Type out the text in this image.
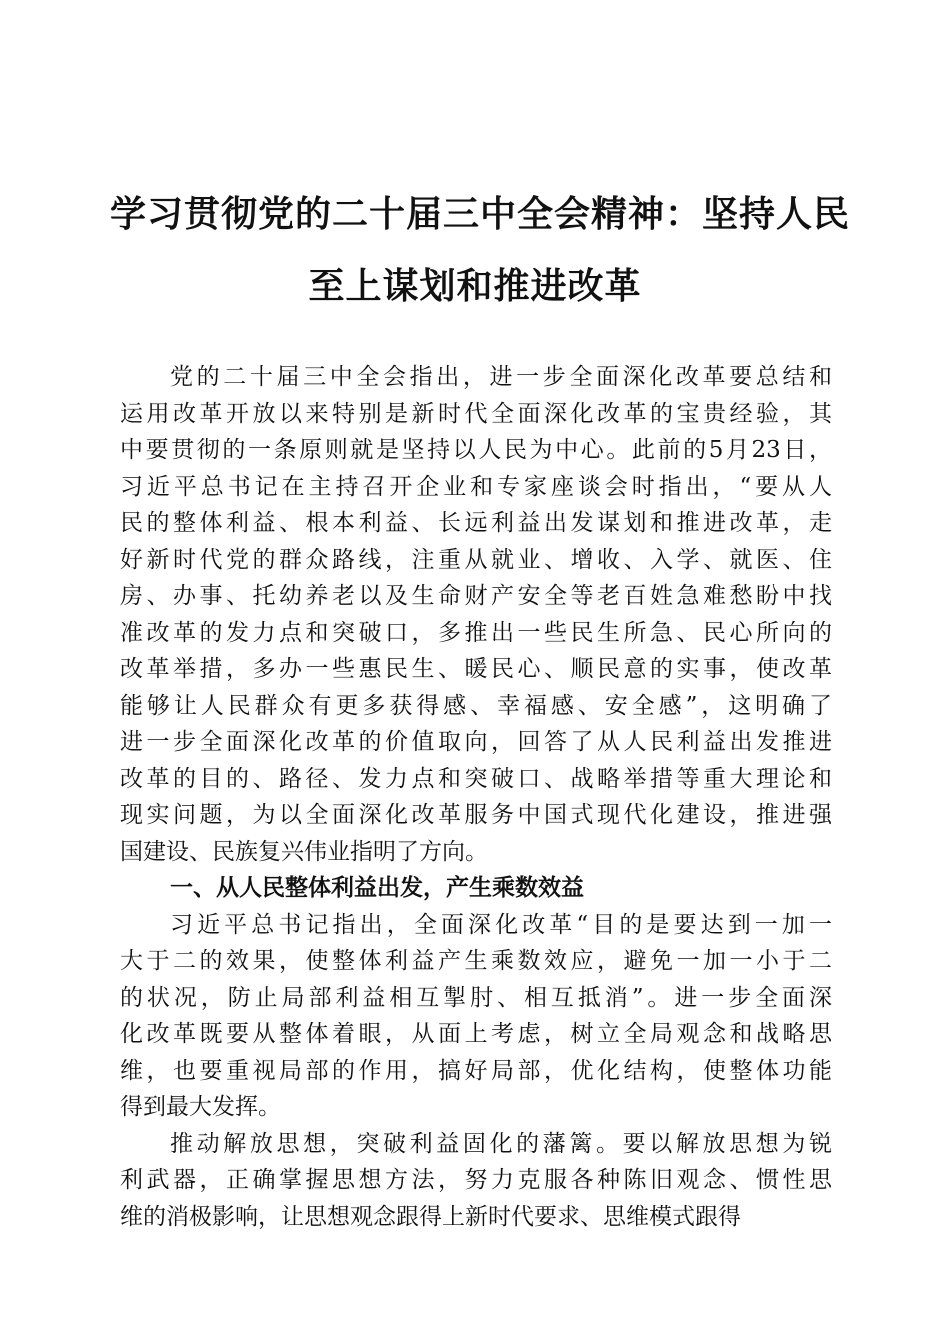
学习贯彻党的二十届三中全会精神：坚持人民
至上谋划和推进改革
党的二十届三中全会指出，进一步全面深化改革要总结和
运用改革开放以来特别是新时代全面深化改革的宝贵经验，其
中要贯彻的一条原则就是坚持以人民为中心。此前的5月23日，
习近平总书记在主持召开企业和专家座谈会时指出，“要从人
民的整体利益、根本利益、长远利益出发谋划和推进改革，走
好新时代党的群众路线，注重从就业、增收、入学、就医、住
房、办事、托幼养老以及生命财产安全等老百姓急难愁盼中找
准改革的发力点和突破口，多推出一些民生所急、民心所向的
改革举措，多办一些惠民生、暖民心、顺民意的实事，使改革
能够让人民群众有更多获得感、幸福感、安全感”，这明确了
进一步全面深化改革的价值取向，回答了从人民利益出发推进
改革的目的、路径、发力点和突破口、战略举措等重大理论和
现实问题，为以全面深化改革服务中国式现代化建设，推进强
国建设、民族复兴伟业指明了方向。
一、从人民整体利益出发，产生乘数效益
习近平总书记指出，全面深化改革“目的是要达到一加一
大于二的效果，使整体利益产生乘数效应，避免一加一小于二
的状况，防止局部利益相互掣肘、相互抵消”。进一步全面深
化改革既要从整体着眼，从面上考虑，树立全局观念和战略思
维，也要重视局部的作用，搞好局部，优化结构，使整体功能
得到最大发挥。
推动解放思想，突破利益固化的藩篱。要以解放思想为锐
利武器，正确掌握思想方法，努力克服各种陈旧观念、惯性思
维的消极影响，让思想观念跟得上新时代要求、思维模式跟得
